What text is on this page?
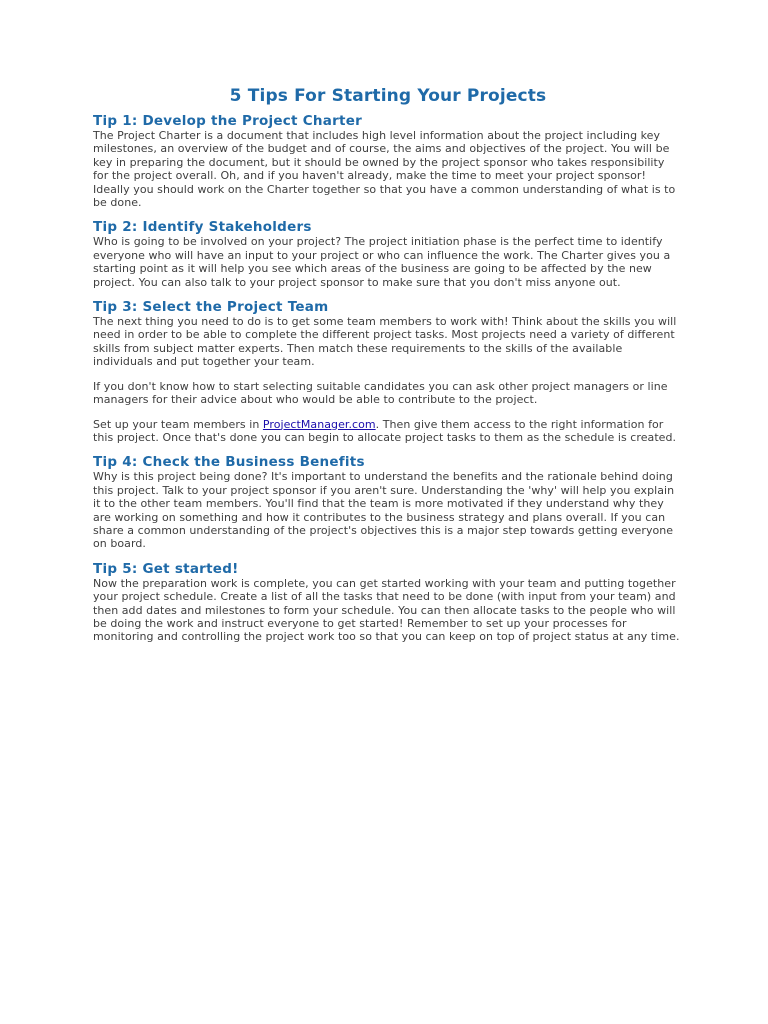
5 Tips For Starting Your Projects
Tip 1: Develop the Project Charter

The Project Charter is a document that includes high level information about the project including key milestones, an overview of the budget and of course, the aims and objectives of the project. You will be key in preparing the document, but it should be owned by the project sponsor who takes responsibility for the project overall. Oh, and if you haven't already, make the time to meet your project sponsor! Ideally you should work on the Charter together so that you have a common understanding of what is to be done.

Tip 2: Identify Stakeholders

Who is going to be involved on your project? The project initiation phase is the perfect time to identify everyone who will have an input to your project or who can influence the work. The Charter gives you a starting point as it will help you see which areas of the business are going to be affected by the new project. You can also talk to your project sponsor to make sure that you don't miss anyone out.

Tip 3: Select the Project Team

The next thing you need to do is to get some team members to work with! Think about the skills you will need in order to be able to complete the different project tasks. Most projects need a variety of different skills from subject matter experts. Then match these requirements to the skills of the available individuals and put together your team.

If you don't know how to start selecting suitable candidates you can ask other project managers or line managers for their advice about who would be able to contribute to the project.

Set up your team members in ProjectManager.com. Then give them access to the right information for this project. Once that's done you can begin to allocate project tasks to them as the schedule is created.

Tip 4: Check the Business Benefits

Why is this project being done? It's important to understand the benefits and the rationale behind doing this project. Talk to your project sponsor if you aren't sure. Understanding the 'why' will help you explain it to the other team members. You'll find that the team is more motivated if they understand why they are working on something and how it contributes to the business strategy and plans overall. If you can share a common understanding of the project's objectives this is a major step towards getting everyone on board.

Tip 5: Get started!

Now the preparation work is complete, you can get started working with your team and putting together your project schedule. Create a list of all the tasks that need to be done (with input from your team) and then add dates and milestones to form your schedule. You can then allocate tasks to the people who will be doing the work and instruct everyone to get started! Remember to set up your processes for monitoring and controlling the project work too so that you can keep on top of project status at any time.
